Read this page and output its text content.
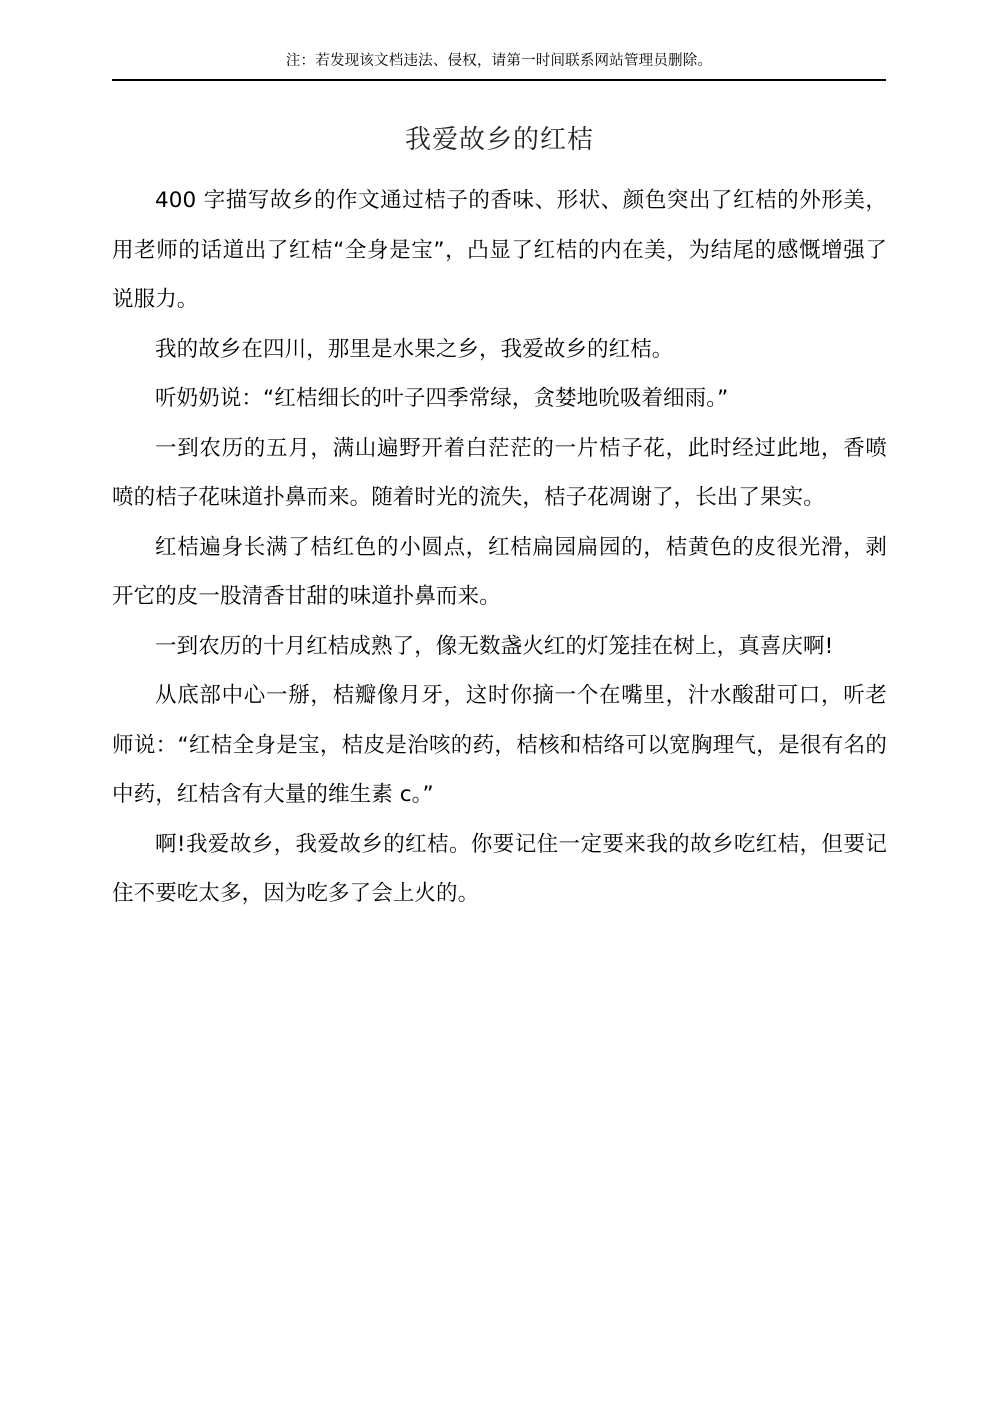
注：若发现该文档违法、侵权，请第一时间联系网站管理员删除。
我爱故乡的红桔

400 字描写故乡的作文通过桔子的香味、形状、颜色突出了红桔的外形美，用老师的话道出了红桔“全身是宝”，凸显了红桔的内在美，为结尾的感慨增强了说服力。

我的故乡在四川，那里是水果之乡，我爱故乡的红桔。

听奶奶说：“红桔细长的叶子四季常绿，贪婪地吮吸着细雨。”

一到农历的五月，满山遍野开着白茫茫的一片桔子花，此时经过此地，香喷喷的桔子花味道扑鼻而来。随着时光的流失，桔子花凋谢了，长出了果实。

红桔遍身长满了桔红色的小圆点，红桔扁园扁园的，桔黄色的皮很光滑，剥开它的皮一股清香甘甜的味道扑鼻而来。

一到农历的十月红桔成熟了，像无数盏火红的灯笼挂在树上，真喜庆啊!

从底部中心一掰，桔瓣像月牙，这时你摘一个在嘴里，汁水酸甜可口，听老师说：“红桔全身是宝，桔皮是治咳的药，桔核和桔络可以宽胸理气，是很有名的中药，红桔含有大量的维生素 c。”

啊!我爱故乡，我爱故乡的红桔。你要记住一定要来我的故乡吃红桔，但要记住不要吃太多，因为吃多了会上火的。
